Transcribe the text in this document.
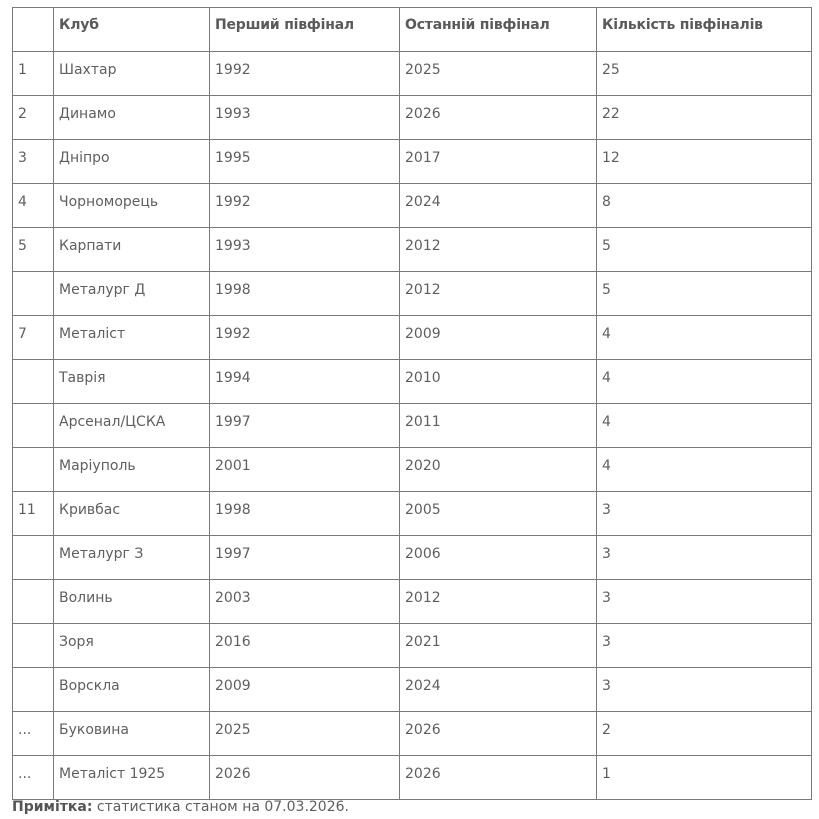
	Клуб	Перший півфінал	Останній півфінал	Кількість півфіналів
1	Шахтар	1992	2025	25
2	Динамо	1993	2026	22
3	Дніпро	1995	2017	12
4	Чорноморець	1992	2024	8
5	Карпати	1993	2012	5
	Металург Д	1998	2012	5
7	Металіст	1992	2009	4
	Таврія	1994	2010	4
	Арсенал/ЦСКА	1997	2011	4
	Маріуполь	2001	2020	4
11	Кривбас	1998	2005	3
	Металург З	1997	2006	3
	Волинь	2003	2012	3
	Зоря	2016	2021	3
	Ворскла	2009	2024	3
...	Буковина	2025	2026	2
...	Металіст 1925	2026	2026	1
Примітка: статистика станом на 07.03.2026.
